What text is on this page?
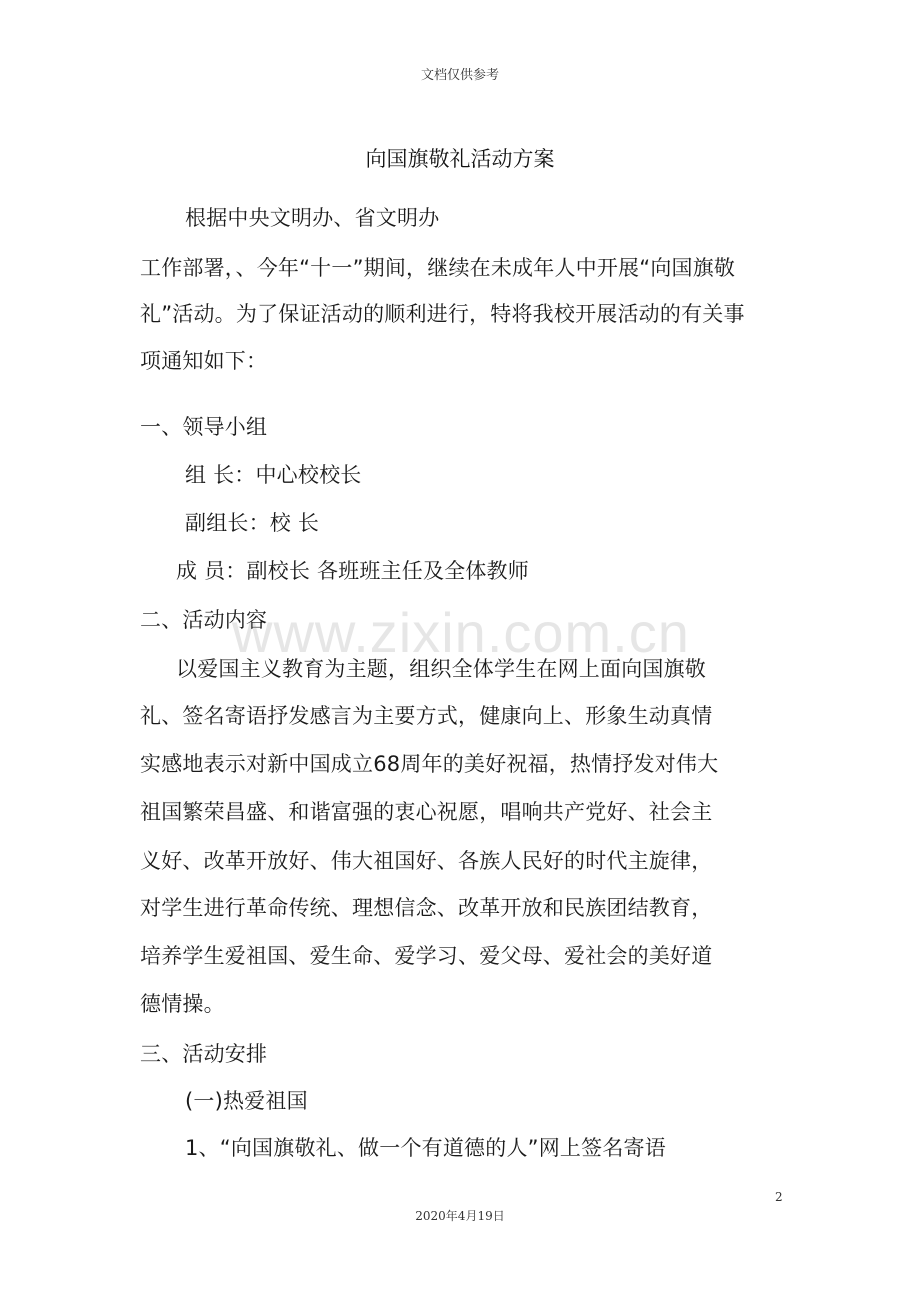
文档仅供参考
向国旗敬礼活动方案
根据中央文明办、省文明办
工作部署，、今年“十一”期间，继续在未成年人中开展“向国旗敬
礼”活动。为了保证活动的顺利进行，特将我校开展活动的有关事
项通知如下：
一、领导小组
组 长：中心校校长
副组长：校 长
成 员：副校长 各班班主任及全体教师
二、活动内容
www.zixin.com.cn
以爱国主义教育为主题，组织全体学生在网上面向国旗敬
礼、签名寄语抒发感言为主要方式，健康向上、形象生动真情
实感地表示对新中国成立68周年的美好祝福，热情抒发对伟大
祖国繁荣昌盛、和谐富强的衷心祝愿，唱响共产党好、社会主
义好、改革开放好、伟大祖国好、各族人民好的时代主旋律，
对学生进行革命传统、理想信念、改革开放和民族团结教育，
培养学生爱祖国、爱生命、爱学习、爱父母、爱社会的美好道
德情操。
三、活动安排
(一)热爱祖国
1、“向国旗敬礼、做一个有道德的人”网上签名寄语
2
2020年4月19日
